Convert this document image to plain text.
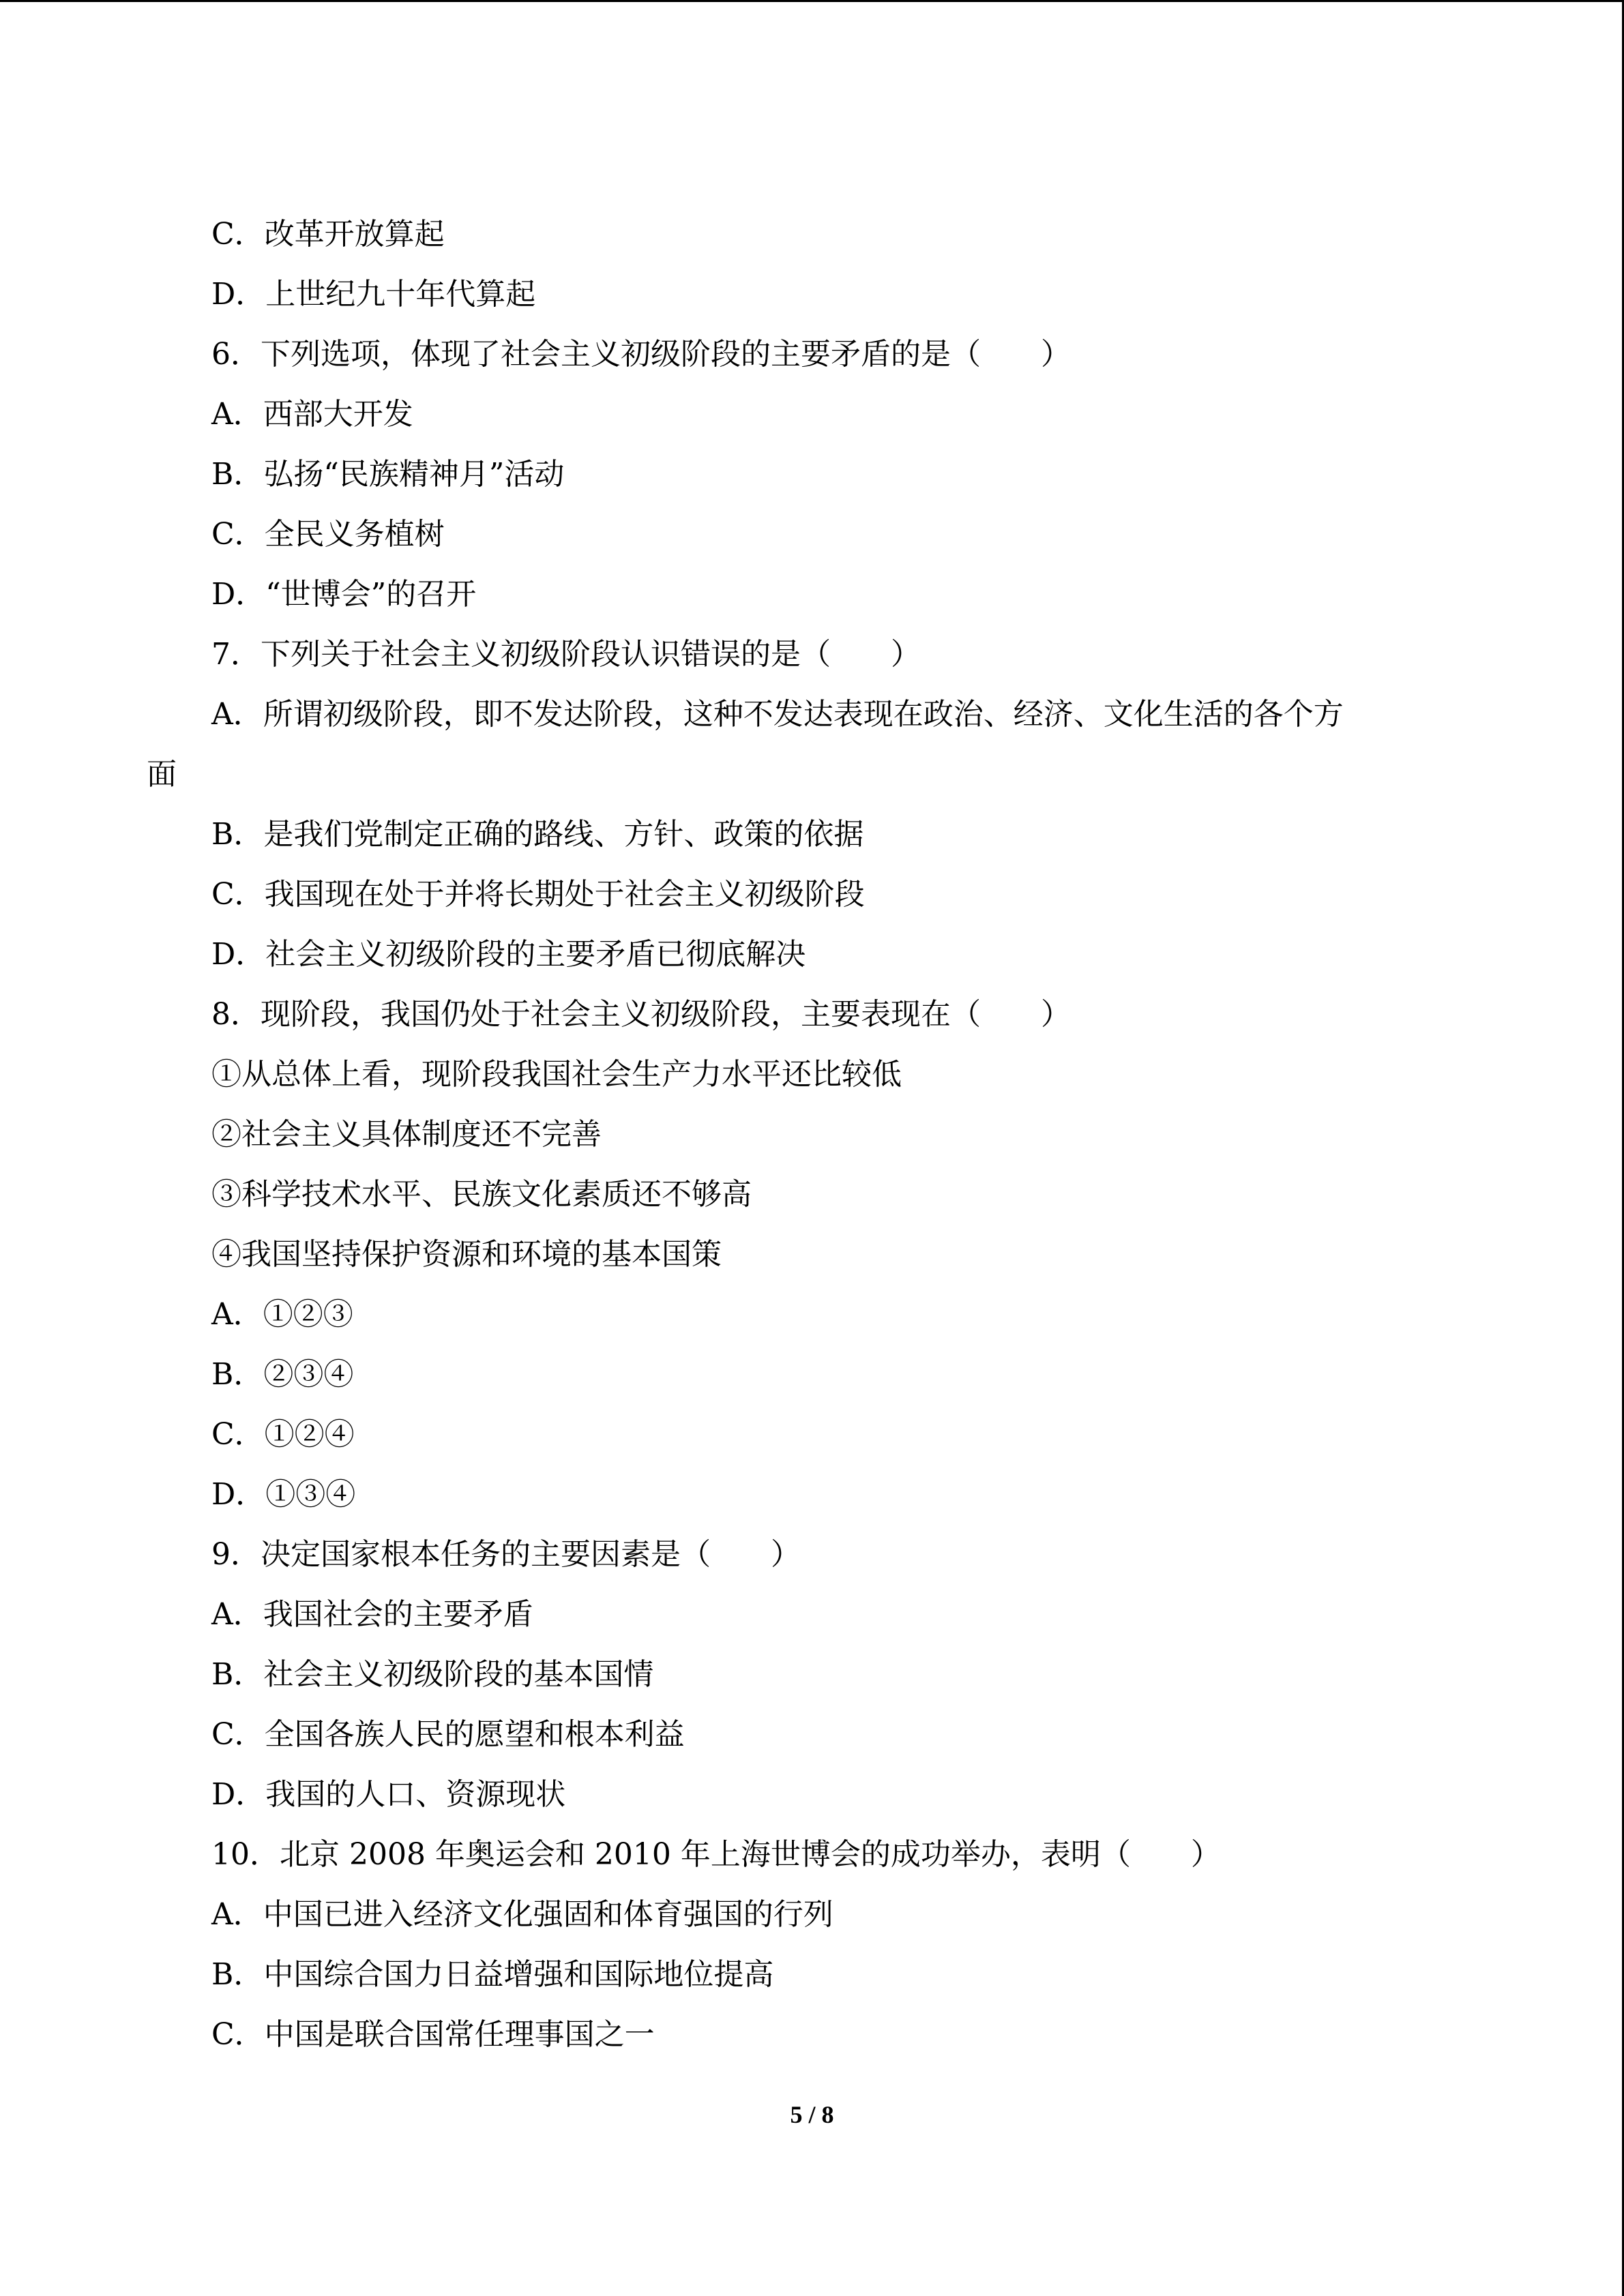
C．改革开放算起
D．上世纪九十年代算起
6．下列选项，体现了社会主义初级阶段的主要矛盾的是（　　）
A．西部大开发
B．弘扬“民族精神月”活动
C．全民义务植树
D．“世博会”的召开
7．下列关于社会主义初级阶段认识错误的是（　　）
A．所谓初级阶段，即不发达阶段，这种不发达表现在政治、经济、文化生活的各个方
面
B．是我们党制定正确的路线、方针、政策的依据
C．我国现在处于并将长期处于社会主义初级阶段
D．社会主义初级阶段的主要矛盾已彻底解决
8．现阶段，我国仍处于社会主义初级阶段，主要表现在（　　）
①从总体上看，现阶段我国社会生产力水平还比较低
②社会主义具体制度还不完善
③科学技术水平、民族文化素质还不够高
④我国坚持保护资源和环境的基本国策
A．①②③
B．②③④
C．①②④
D．①③④
9．决定国家根本任务的主要因素是（　　）
A．我国社会的主要矛盾
B．社会主义初级阶段的基本国情
C．全国各族人民的愿望和根本利益
D．我国的人口、资源现状
10．北京 2008 年奥运会和 2010 年上海世博会的成功举办，表明（　　）
A．中国已进入经济文化强固和体育强国的行列
B．中国综合国力日益增强和国际地位提高
C．中国是联合国常任理事国之一
5 / 8
